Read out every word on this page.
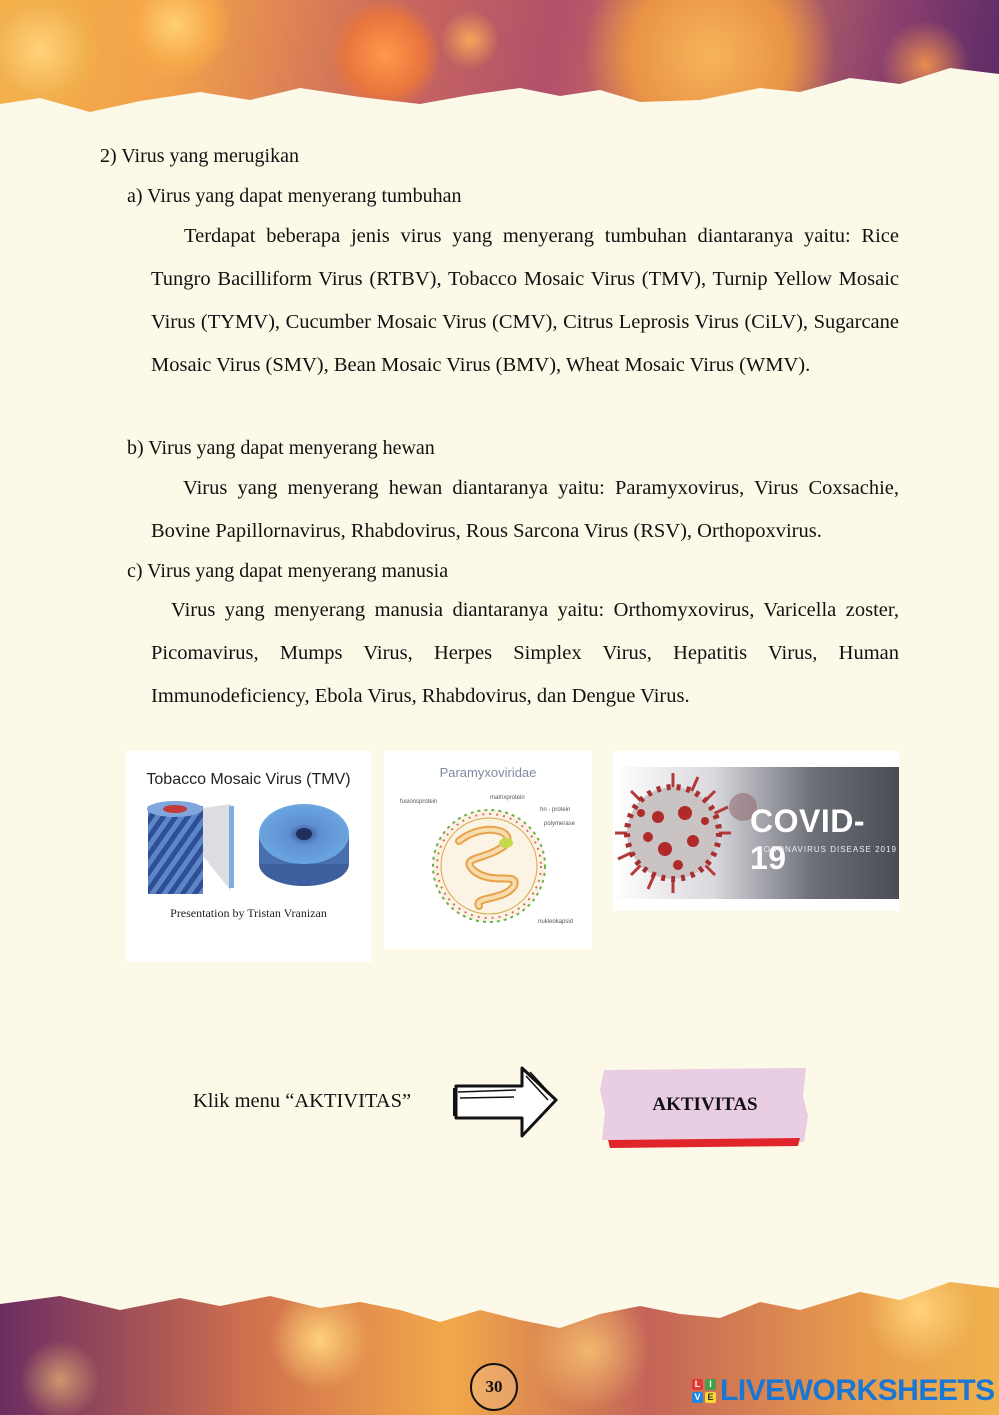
2) Virus yang merugikan
a) Virus yang dapat menyerang tumbuhan
Terdapat beberapa jenis virus yang menyerang tumbuhan diantaranya yaitu: Rice Tungro Bacilliform Virus (RTBV), Tobacco Mosaic Virus (TMV), Turnip Yellow Mosaic Virus (TYMV), Cucumber Mosaic Virus (CMV), Citrus Leprosis Virus (CiLV), Sugarcane Mosaic Virus (SMV), Bean Mosaic Virus (BMV), Wheat Mosaic Virus (WMV).
b) Virus yang dapat menyerang hewan
Virus yang menyerang hewan diantaranya yaitu: Paramyxovirus, Virus Coxsachie, Bovine Papillornavirus, Rhabdovirus, Rous Sarcona Virus (RSV), Orthopoxvirus.
c) Virus yang dapat menyerang manusia
Virus yang menyerang manusia diantaranya yaitu: Orthomyxovirus, Varicella zoster, Picomavirus, Mumps Virus, Herpes Simplex Virus, Hepatitis Virus, Human Immunodeficiency, Ebola Virus, Rhabdovirus, dan Dengue Virus.
Tobacco Mosaic Virus (TMV)
Presentation by Tristan Vranizan
Paramyxoviridae
fusionsprotein
matrixprotein
hn - protein
polymerase
nukleokapsid
COVID-19
CORONAVIRUS DISEASE 2019
Klik menu “AKTIVITAS”	AKTIVITAS
30	L I
V E LIVEWORKSHEETS
